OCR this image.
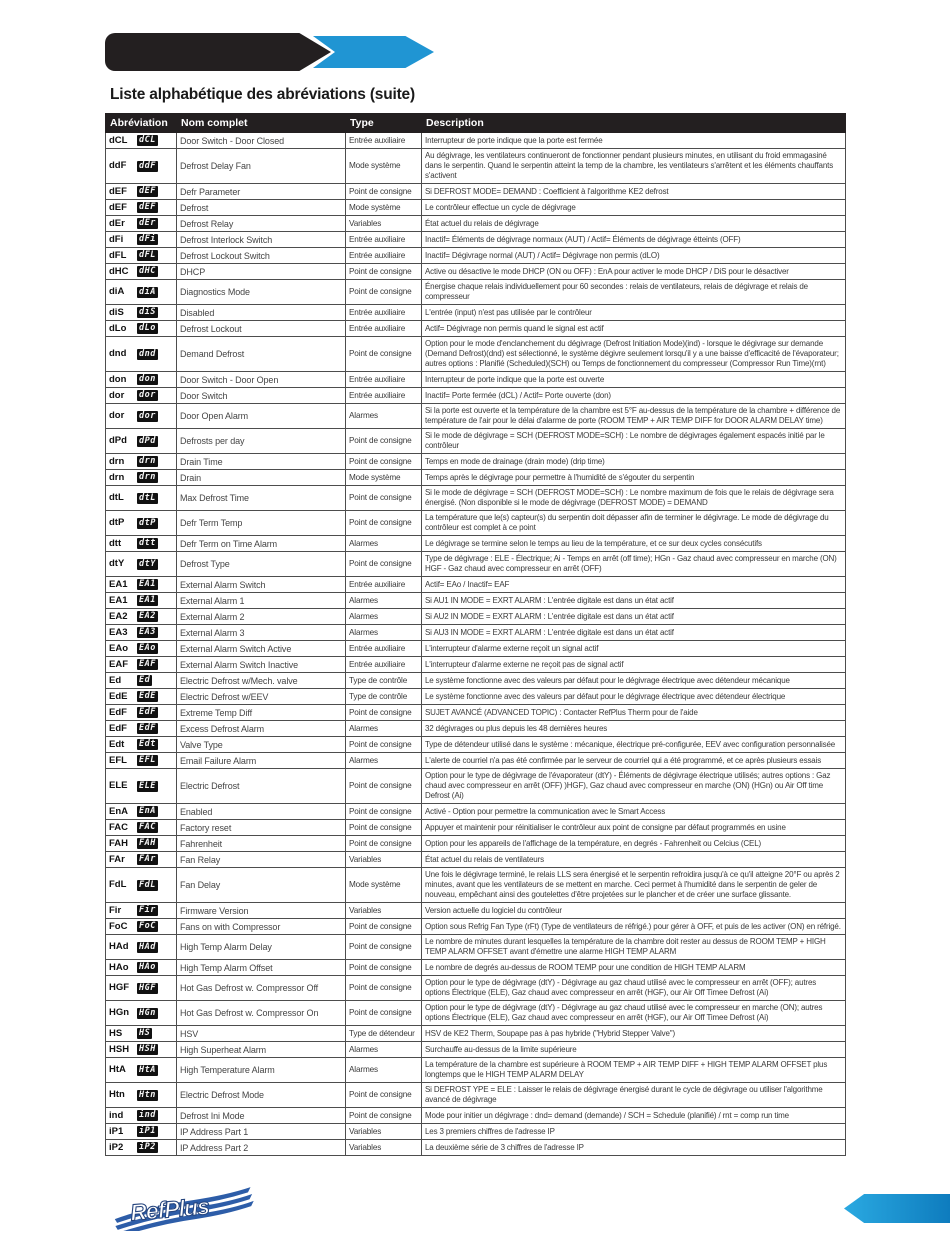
Liste alphabétique des abréviations (suite)
Abréviation	Nom complet	Type	Description

dCL dCL	Door Switch - Door Closed	Entrée auxiliaire	Interrupteur de porte indique que la porte est fermée

ddF ddF	Defrost Delay Fan	Mode système	Au dégivrage, les ventilateurs continueront de fonctionner pendant plusieurs minutes, en utilisant du froid emmagasiné dans le serpentin. Quand le serpentin atteint la temp de la chambre, les ventilateurs s'arrêtent et les éléments chauffants s'activent

dEF dEF	Defr Parameter	Point de consigne	Si DEFROST MODE= DEMAND : Coefficient à l'algorithme KE2 defrost

dEF dEF	Defrost	Mode système	Le contrôleur effectue un cycle de dégivrage

dEr dEr	Defrost Relay	Variables	État actuel du relais de dégivrage

dFi dFi	Defrost Interlock Switch	Entrée auxiliaire	Inactif= Éléments de dégivrage normaux (AUT) / Actif= Éléments de dégivrage étteints (OFF)

dFL dFL	Defrost Lockout Switch	Entrée auxiliaire	Inactif= Dégivrage normal (AUT) / Actif= Dégivrage non permis (dLO)

dHC dHC	DHCP	Point de consigne	Active ou désactive le mode DHCP (ON ou OFF) : EnA pour activer le mode DHCP / DiS pour le désactiver

diA diA	Diagnostics Mode	Point de consigne	Énergise chaque relais individuellement pour 60 secondes : relais de ventilateurs, relais de dégivrage et relais de compresseur

diS diS	Disabled	Entrée auxiliaire	L'entrée (input) n'est pas utilisée par le contrôleur

dLo dLo	Defrost Lockout	Entrée auxiliaire	Actif= Dégivrage non permis quand le signal est actif

dnd dnd	Demand Defrost	Point de consigne	Option pour le mode d'enclanchement du dégivrage (Defrost Initiation Mode)(ind) - lorsque le dégivrage sur demande (Demand Defrost)(dnd) est sélectionné, le système dégivre seulement lorsqu'il y a une baisse d'efficacité de l'évaporateur; autres options : Planifié (Scheduled)(SCH) ou Temps de fonctionnement du compresseur (Compressor Run Time)(rnt)

don don	Door Switch - Door Open	Entrée auxiliaire	Interrupteur de porte indique que la porte est ouverte

dor dor	Door Switch	Entrée auxiliaire	Inactif= Porte fermée (dCL) / Actif= Porte ouverte (don)

dor dor	Door Open Alarm	Alarmes	Si la porte est ouverte et la température de la chambre est 5°F au-dessus de la température de la chambre + différence de température de l'air pour le délai d'alarme de porte (ROOM TEMP + AIR TEMP DIFF for DOOR ALARM DELAY time)

dPd dPd	Defrosts per day	Point de consigne	Si le mode de dégivrage = SCH (DEFROST MODE=SCH) : Le nombre de dégivrages également espacés initié par le contrôleur

drn drn	Drain Time	Point de consigne	Temps en mode de drainage (drain mode) (drip time)

drn drn	Drain	Mode système	Temps après le dégivrage pour permettre à l'humidité de s'égouter du serpentin

dtL dtL	Max Defrost Time	Point de consigne	Si le mode de dégivrage = SCH (DEFROST MODE=SCH) : Le nombre maximum de fois que le relais de dégivrage sera énergisé. (Non disponible si le mode de dégivrage (DEFROST MODE) = DEMAND

dtP dtP	Defr Term Temp	Point de consigne	La température que le(s) capteur(s) du serpentin doit dépasser afin de terminer le dégivrage. Le mode de dégivrage du contrôleur est complet à ce point

dtt dtt	Defr Term on Time Alarm	Alarmes	Le dégivrage se termine selon le temps au lieu de la température, et ce sur deux cycles consécutifs

dtY dtY	Defrost Type	Point de consigne	Type de dégivrage : ELE - Électrique; Ai - Temps en arrêt (off time); HGn - Gaz chaud avec compresseur en marche (ON) HGF - Gaz chaud avec compresseur en arrêt (OFF)

EA1 EA1	External Alarm Switch	Entrée auxiliaire	Actif= EAo / Inactif= EAF

EA1 EA1	External Alarm 1	Alarmes	Si AU1 IN MODE = EXRT ALARM : L'entrée digitale est dans un état actif

EA2 EA2	External Alarm 2	Alarmes	Si AU2 IN MODE = EXRT ALARM : L'entrée digitale est dans un état actif

EA3 EA3	External Alarm 3	Alarmes	Si AU3 IN MODE = EXRT ALARM : L'entrée digitale est dans un état actif

EAo EAo	External Alarm Switch Active	Entrée auxiliaire	L'interrupteur d'alarme externe reçoit un signal actif

EAF EAF	External Alarm Switch Inactive	Entrée auxiliaire	L'interrupteur d'alarme externe ne reçoit pas de signal actif

Ed Ed	Electric Defrost w/Mech. valve	Type de contrôle	Le système fonctionne avec des valeurs par défaut pour le dégivrage électrique avec détendeur mécanique

EdE EdE	Electric Defrost w/EEV	Type de contrôle	Le système fonctionne avec des valeurs par défaut pour le dégivrage électrique avec détendeur électrique

EdF EdF	Extreme Temp Diff	Point de consigne	SUJET AVANCÉ (ADVANCED TOPIC) : Contacter RefPlus Therm pour de l'aide

EdF EdF	Excess Defrost Alarm	Alarmes	32 dégivrages ou plus depuis les 48 dernières heures

Edt Edt	Valve Type	Point de consigne	Type de détendeur utilisé dans le système : mécanique, électrique pré-configurée, EEV avec configuration personnalisée

EFL EFL	Email Failure Alarm	Alarmes	L'alerte de courriel n'a pas été confirmée par le serveur de courriel qui a été programmé, et ce après plusieurs essais

ELE ELE	Electric Defrost	Point de consigne	Option pour le type de dégivrage de l'évaporateur (dtY) - Éléments de dégivrage électrique utilisés; autres options : Gaz chaud avec compresseur en arrêt (OFF) )HGF), Gaz chaud avec compresseur en marche (ON) (HGn) ou Air Off time Defrost (Ai)

EnA EnA	Enabled	Point de consigne	Activé - Option pour permettre la communication avec le Smart Access

FAC FAC	Factory reset	Point de consigne	Appuyer et maintenir pour réinitialiser le contrôleur aux point de consigne par défaut programmés en usine

FAH FAH	Fahrenheit	Point de consigne	Option pour les appareils de l'affichage de la température, en degrés - Fahrenheit ou Celcius (CEL)

FAr FAr	Fan Relay	Variables	État actuel du relais de ventilateurs

FdL FdL	Fan Delay	Mode système	Une fois le dégivrage terminé, le relais LLS sera énergisé et le serpentin refroidira jusqu'à ce qu'il atteigne 20°F ou après 2 minutes, avant que les ventilateurs de se mettent en marche. Ceci permet à l'humidité dans le serpentin de geler de nouveau, empêchant ainsi des goutelettes d'être projetées sur le plancher et de créer une surface glissante.

Fir Fir	Firmware Version	Variables	Version actuelle du logiciel du contrôleur

FoC FoC	Fans on with Compressor	Point de consigne	Option sous Refrig Fan Type (rFt) (Type de ventilateurs de réfrigé.) pour gérer à OFF, et puis de les activer (ON) en réfrigé.

HAd HAd	High Temp Alarm Delay	Point de consigne	Le nombre de minutes durant lesquelles la température de la chambre doit rester au dessus de ROOM TEMP + HIGH TEMP ALARM OFFSET avant d'émettre une alarme HIGH TEMP ALARM

HAo HAo	High Temp Alarm Offset	Point de consigne	Le nombre de degrés au-dessus de ROOM TEMP pour une condition de HIGH TEMP ALARM

HGF HGF	Hot Gas Defrost w. Compressor Off	Point de consigne	Option pour le type de dégivrage (dtY) - Dégivrage au gaz chaud utilisé avec le compresseur en arrêt (OFF); autres options Électrique (ELE), Gaz chaud avec compresseur en arrêt (HGF), our Air Off Timee Defrost (Ai)

HGn HGn	Hot Gas Defrost w. Compressor On	Point de consigne	Option pour le type de dégivrage (dtY) - Dégivrage au gaz chaud utilisé avec le compresseur en marche (ON); autres options Électrique (ELE), Gaz chaud avec compresseur en arrêt (HGF), our Air Off Timee Defrost (Ai)

HS HS	HSV	Type de détendeur	HSV de KE2 Therm, Soupape pas à pas hybride ("Hybrid Stepper Valve")

HSH HSH	High Superheat Alarm	Alarmes	Surchauffe au-dessus de la limite supérieure

HtA HtA	High Temperature Alarm	Alarmes	La température de la chambre est supérieure à ROOM TEMP + AIR TEMP DIFF + HIGH TEMP ALARM OFFSET plus longtemps que le HIGH TEMP ALARM DELAY

Htn Htn	Electric Defrost Mode	Point de consigne	Si DEFROST YPE = ELE : Laisser le relais de dégivrage énergisé durant le cycle de dégivrage ou utiliser l'algorithme avancé de dégivrage

ind ind	Defrost Ini Mode	Point de consigne	Mode pour initier un dégivrage : dnd= demand (demande) / SCH = Schedule (planifié) / rnt = comp run time

iP1 iP1	IP Address Part 1	Variables	Les 3 premiers chiffres de l'adresse IP

iP2 iP2	IP Address Part 2	Variables	La deuxième série de 3 chiffres de l'adresse IP
RefPlus
